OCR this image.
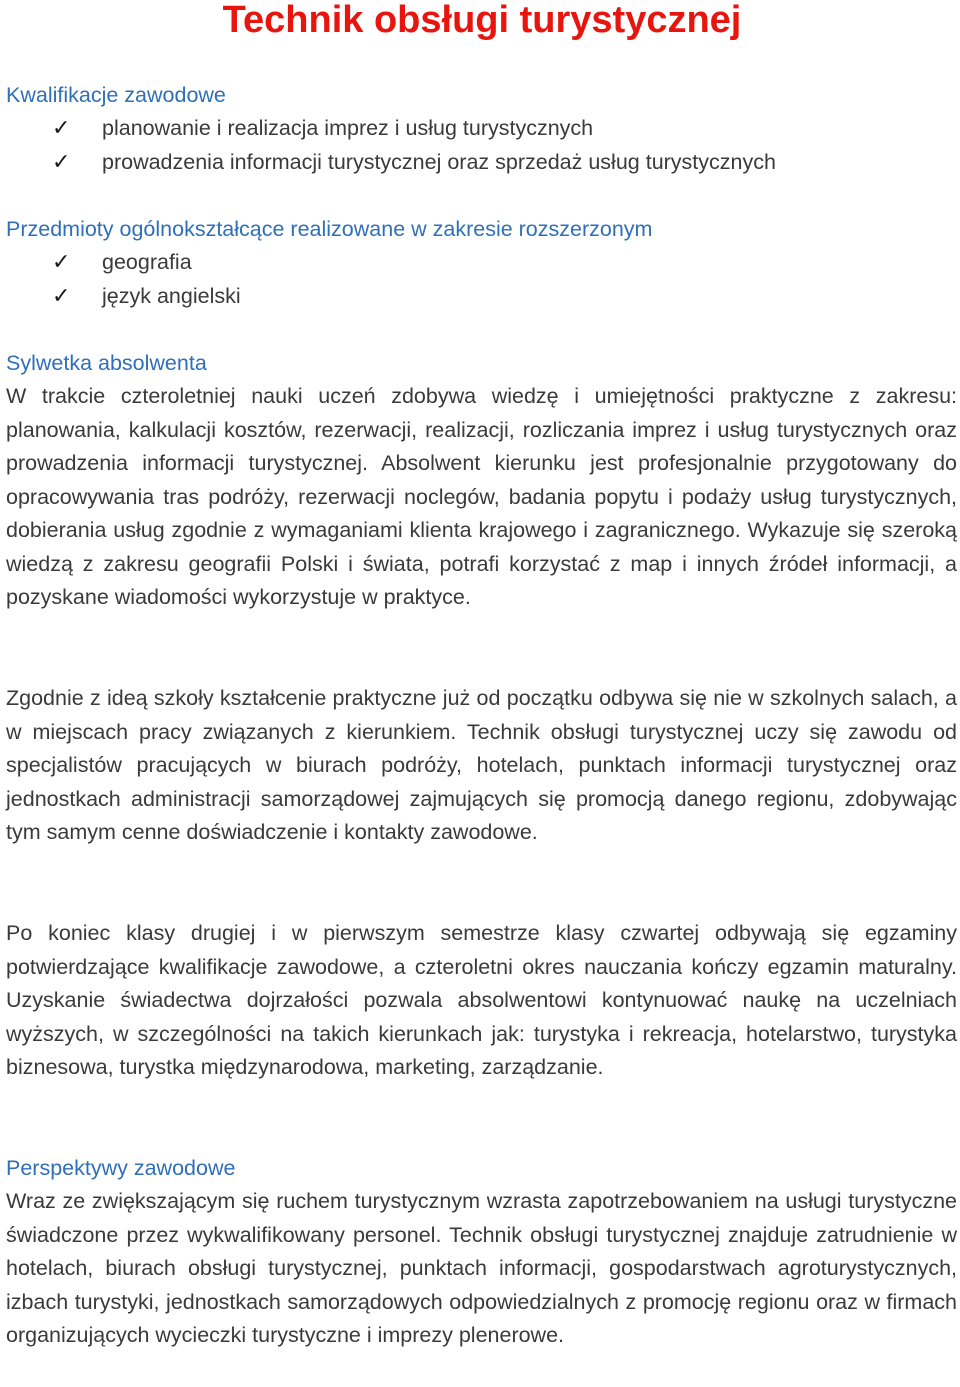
Technik obsługi turystycznej
Kwalifikacje zawodowe
✓ planowanie i realizacja imprez i usług turystycznych
✓ prowadzenia informacji turystycznej oraz sprzedaż usług turystycznych
Przedmioty ogólnokształcące realizowane w zakresie rozszerzonym
✓ geografia
✓ język angielski
Sylwetka absolwenta

W trakcie czteroletniej nauki uczeń zdobywa wiedzę i umiejętności praktyczne z zakresu: planowania, kalkulacji kosztów, rezerwacji, realizacji, rozliczania imprez i usług turystycznych oraz prowadzenia informacji turystycznej. Absolwent kierunku jest profesjonalnie przygotowany do opracowywania tras podróży, rezerwacji noclegów, badania popytu i podaży usług turystycznych, dobierania usług zgodnie z wymaganiami klienta krajowego i zagranicznego. Wykazuje się szeroką wiedzą z zakresu geografii Polski i świata, potrafi korzystać z map i innych źródeł informacji, a pozyskane wiadomości wykorzystuje w praktyce.

Zgodnie z ideą szkoły kształcenie praktyczne już od początku odbywa się nie w szkolnych salach, a w miejscach pracy związanych z kierunkiem. Technik obsługi turystycznej uczy się zawodu od specjalistów pracujących w biurach podróży, hotelach, punktach informacji turystycznej oraz jednostkach administracji samorządowej zajmujących się promocją danego regionu, zdobywając tym samym cenne doświadczenie i kontakty zawodowe.

Po koniec klasy drugiej i w pierwszym semestrze klasy czwartej odbywają się egzaminy potwierdzające kwalifikacje zawodowe, a czteroletni okres nauczania kończy egzamin maturalny. Uzyskanie świadectwa dojrzałości pozwala absolwentowi kontynuować naukę na uczelniach wyższych, w szczególności na takich kierunkach jak: turystyka i rekreacja, hotelarstwo, turystyka biznesowa, turystka międzynarodowa, marketing, zarządzanie.

Perspektywy zawodowe

Wraz ze zwiększającym się ruchem turystycznym wzrasta zapotrzebowaniem na usługi turystyczne świadczone przez wykwalifikowany personel. Technik obsługi turystycznej znajduje zatrudnienie w hotelach, biurach obsługi turystycznej, punktach informacji, gospodarstwach agroturystycznych, izbach turystyki, jednostkach samorządowych odpowiedzialnych z promocję regionu oraz w firmach organizujących wycieczki turystyczne i imprezy plenerowe.
